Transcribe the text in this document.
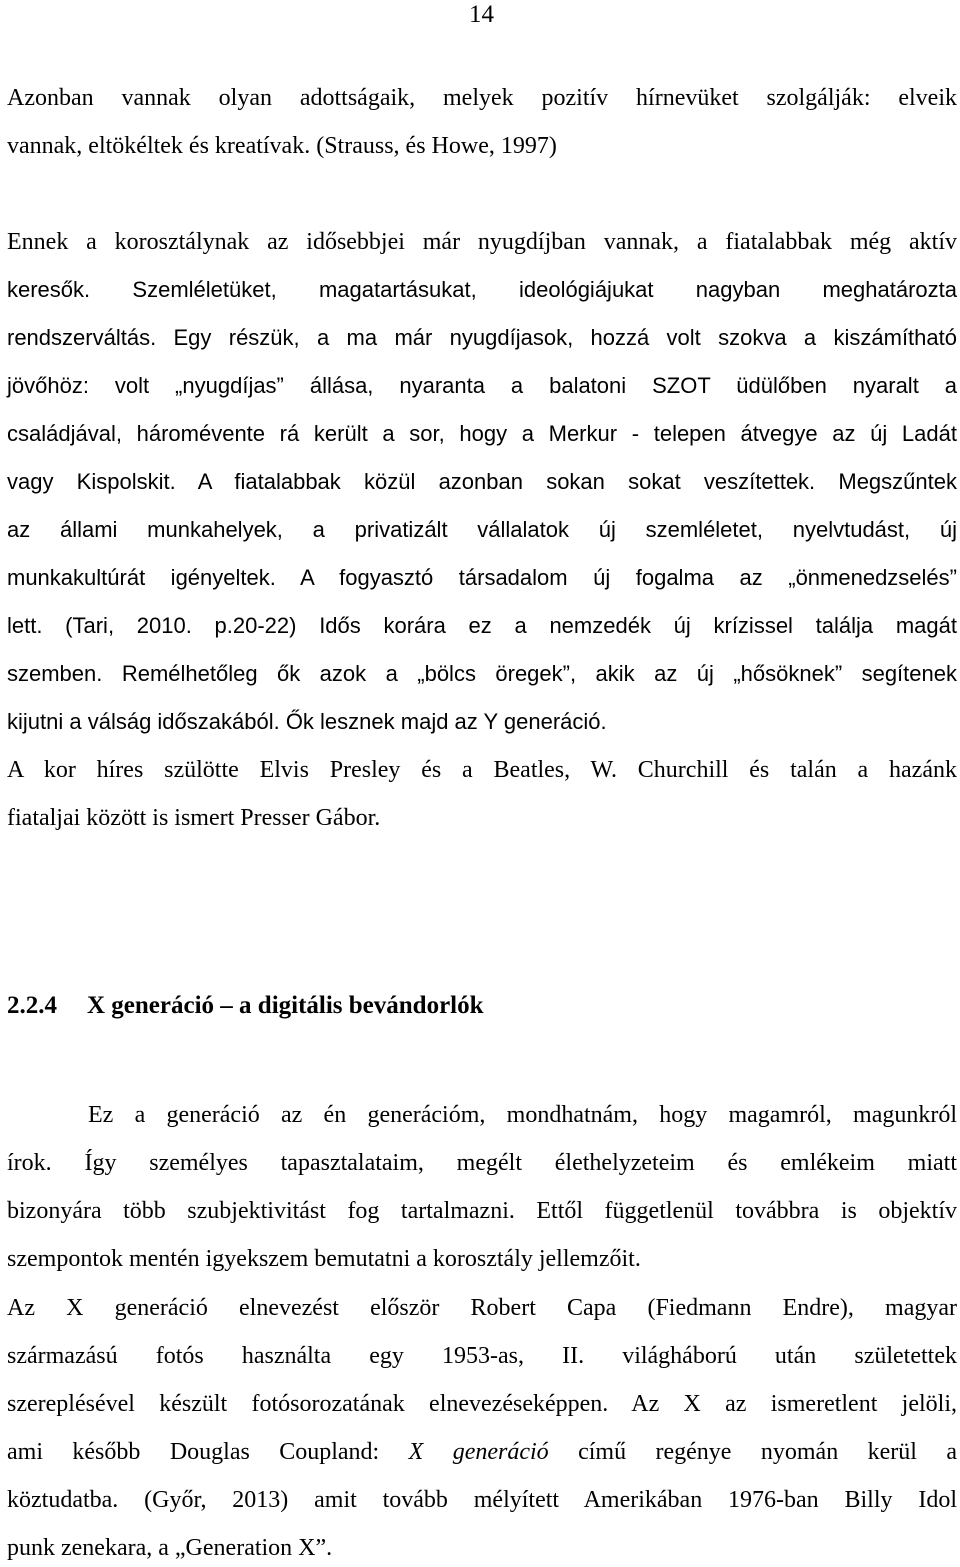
14
Azonban vannak olyan adottságaik, melyek pozitív hírnevüket szolgálják: elveik
vannak, eltökéltek és kreatívak. (Strauss, és Howe, 1997)
Ennek a korosztálynak az idősebbjei már nyugdíjban vannak, a fiatalabbak még aktív
keresők. Szemléletüket, magatartásukat, ideológiájukat nagyban meghatározta
rendszerváltás. Egy részük, a ma már nyugdíjasok, hozzá volt szokva a kiszámítható
jövőhöz: volt „nyugdíjas” állása, nyaranta a balatoni SZOT üdülőben nyaralt a
családjával, háromévente rá került a sor, hogy a Merkur - telepen átvegye az új Ladát
vagy Kispolskit. A fiatalabbak közül azonban sokan sokat veszítettek. Megszűntek
az állami munkahelyek, a privatizált vállalatok új szemléletet, nyelvtudást, új
munkakultúrát igényeltek. A fogyasztó társadalom új fogalma az „önmenedzselés”
lett. (Tari, 2010. p.20-22) Idős korára ez a nemzedék új krízissel találja magát
szemben. Remélhetőleg ők azok a „bölcs öregek”, akik az új „hősöknek” segítenek
kijutni a válság időszakából. Ők lesznek majd az Y generáció.
A kor híres szülötte Elvis Presley és a Beatles, W. Churchill és talán a hazánk
fiataljai között is ismert Presser Gábor.
2.2.4 X generáció – a digitális bevándorlók
Ez a generáció az én generációm, mondhatnám, hogy magamról, magunkról
írok. Így személyes tapasztalataim, megélt élethelyzeteim és emlékeim miatt
bizonyára több szubjektivitást fog tartalmazni. Ettől függetlenül továbbra is objektív
szempontok mentén igyekszem bemutatni a korosztály jellemzőit.
Az X generáció elnevezést először Robert Capa (Fiedmann Endre), magyar
származású fotós használta egy 1953-as, II. világháború után születettek
szereplésével készült fotósorozatának elnevezéseképpen. Az X az ismeretlent jelöli,
ami később Douglas Coupland: X generáció című regénye nyomán kerül a
köztudatba. (Győr, 2013) amit tovább mélyített Amerikában 1976-ban Billy Idol
punk zenekara, a „Generation X”.
